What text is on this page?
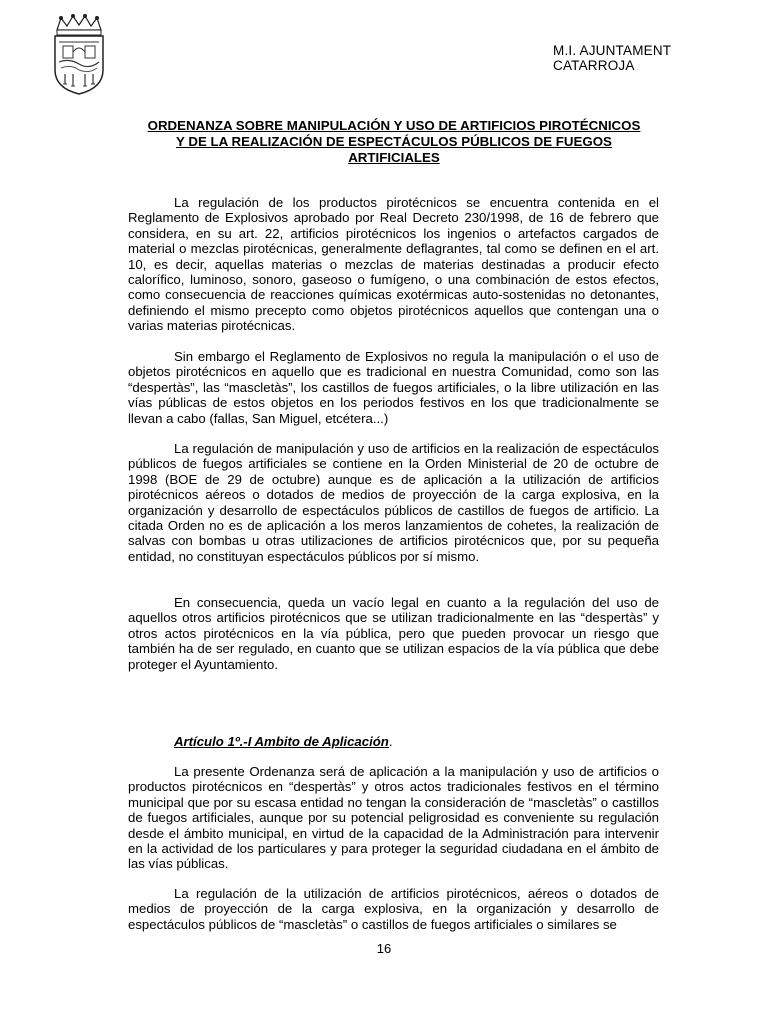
M.I. AJUNTAMENT
CATARROJA
ORDENANZA SOBRE MANIPULACIÓN Y USO DE ARTIFICIOS PIROTÉCNICOS
Y DE LA REALIZACIÓN DE ESPECTÁCULOS PÚBLICOS DE FUEGOS
ARTIFICIALES

La regulación de los productos pirotécnicos se encuentra contenida en el Reglamento de Explosivos aprobado por Real Decreto 230/1998, de 16 de febrero que considera, en su art. 22, artificios pirotécnicos los ingenios o artefactos cargados de material o mezclas pirotécnicas, generalmente deflagrantes, tal como se definen en el art. 10, es decir, aquellas materias o mezclas de materias destinadas a producir efecto calorífico, luminoso, sonoro, gaseoso o fumígeno, o una combinación de estos efectos, como consecuencia de reacciones químicas exotérmicas auto-sostenidas no detonantes, definiendo el mismo precepto como objetos pirotécnicos aquellos que contengan una o varias materias pirotécnicas.

Sin embargo el Reglamento de Explosivos no regula la manipulación o el uso de objetos pirotécnicos en aquello que es tradicional en nuestra Comunidad, como son las “despertàs”, las “mascletàs”, los castillos de fuegos artificiales, o la libre utilización en las vías públicas de estos objetos en los periodos festivos en los que tradicionalmente se llevan a cabo (fallas, San Miguel, etcétera...)

La regulación de manipulación y uso de artificios en la realización de espectáculos públicos de fuegos artificiales se contiene en la Orden Ministerial de 20 de octubre de 1998 (BOE de 29 de octubre) aunque es de aplicación a la utilización de artificios pirotécnicos aéreos o dotados de medios de proyección de la carga explosiva, en la organización y desarrollo de espectáculos públicos de castillos de fuegos de artificio. La citada Orden no es de aplicación a los meros lanzamientos de cohetes, la realización de salvas con bombas u otras utilizaciones de artificios pirotécnicos que, por su pequeña entidad, no constituyan espectáculos públicos por sí mismo.

En consecuencia, queda un vacío legal en cuanto a la regulación del uso de aquellos otros artificios pirotécnicos que se utilizan tradicionalmente en las “despertàs” y otros actos pirotécnicos en la vía pública, pero que pueden provocar un riesgo que también ha de ser regulado, en cuanto que se utilizan espacios de la vía pública que debe proteger el Ayuntamiento.

Artículo 1º.-I Ambito de Aplicación.

La presente Ordenanza será de aplicación a la manipulación y uso de artificios o productos pirotécnicos en “despertàs” y otros actos tradicionales festivos en el término municipal que por su escasa entidad no tengan la consideración de “mascletàs” o castillos de fuegos artificiales, aunque por su potencial peligrosidad es conveniente su regulación desde el ámbito municipal, en virtud de la capacidad de la Administración para intervenir en la actividad de los particulares y para proteger la seguridad ciudadana en el ámbito de las vías públicas.

La regulación de la utilización de artificios pirotécnicos, aéreos o dotados de medios de proyección de la carga explosiva, en la organización y desarrollo de espectáculos públicos de “mascletàs” o castillos de fuegos artificiales o similares se

16
